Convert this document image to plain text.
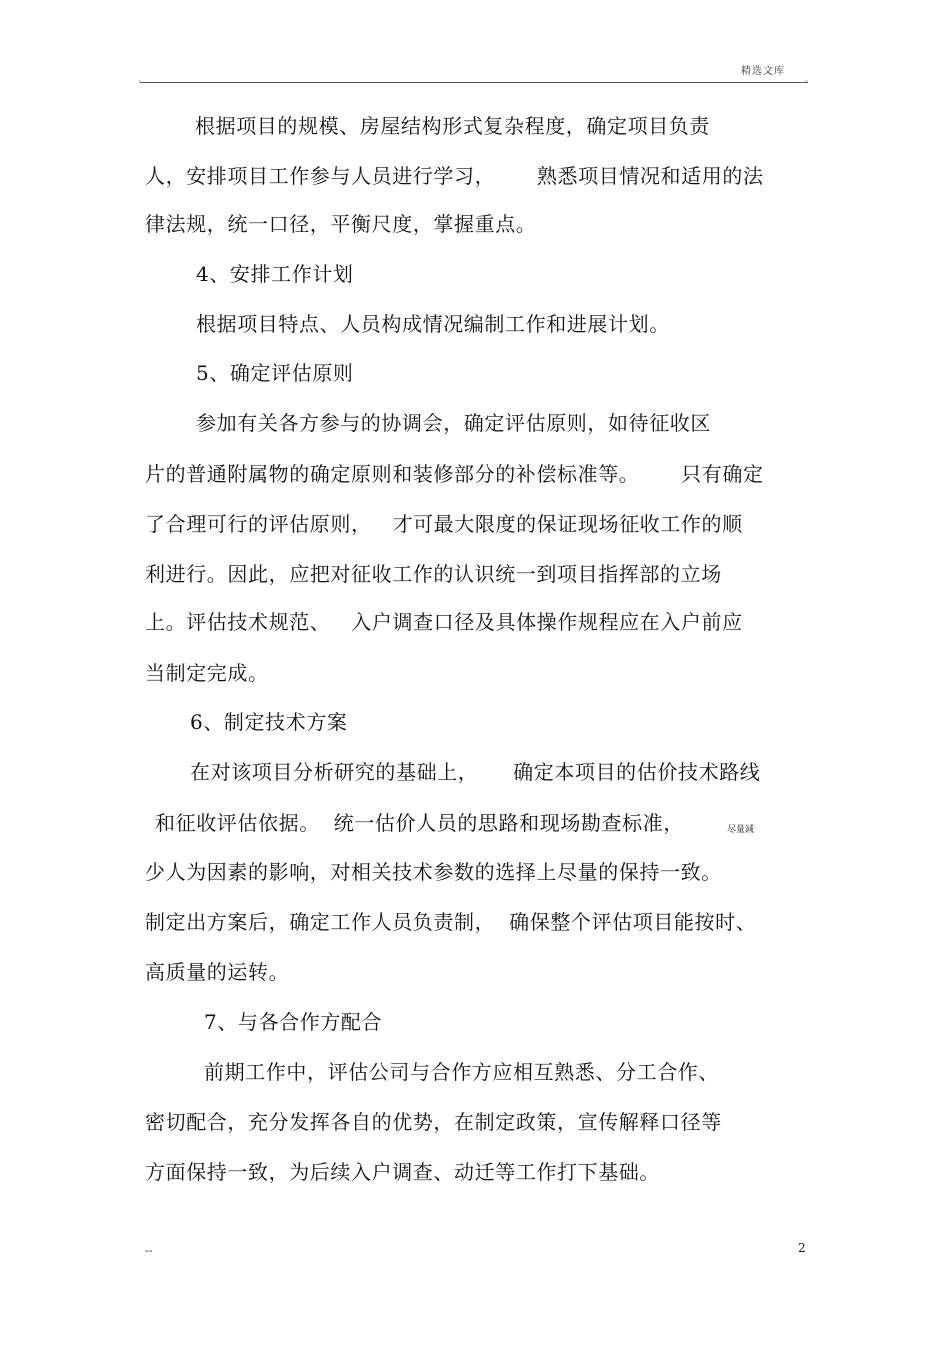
精选文库
^	^
根据项目的规模、房屋结构形式复杂程度，确定项目负责
人，安排项目工作参与人员进行学习，      熟悉项目情况和适用的法
律法规，统一口径，平衡尺度，掌握重点。
4、安排工作计划
根据项目特点、人员构成情况编制工作和进展计划。
5、确定评估原则
参加有关各方参与的协调会，确定评估原则，如待征收区
片的普通附属物的确定原则和装修部分的补偿标准等。      只有确定
了合理可行的评估原则，   才可最大限度的保证现场征收工作的顺
利进行。因此，应把对征收工作的认识统一到项目指挥部的立场
上。评估技术规范、   入户调查口径及具体操作规程应在入户前应
当制定完成。
6、制定技术方案
在对该项目分析研究的基础上，     确定本项目的估价技术路线
和征收评估依据。  统一估价人员的思路和现场勘查标准，	尽量减
少人为因素的影响，对相关技术参数的选择上尽量的保持一致。
制定出方案后，确定工作人员负责制，  确保整个评估项目能按时、
高质量的运转。
7、与各合作方配合
前期工作中，评估公司与合作方应相互熟悉、分工合作、
密切配合，充分发挥各自的优势，在制定政策，宣传解释口径等
方面保持一致，为后续入户调查、动迁等工作打下基础。
--	2
